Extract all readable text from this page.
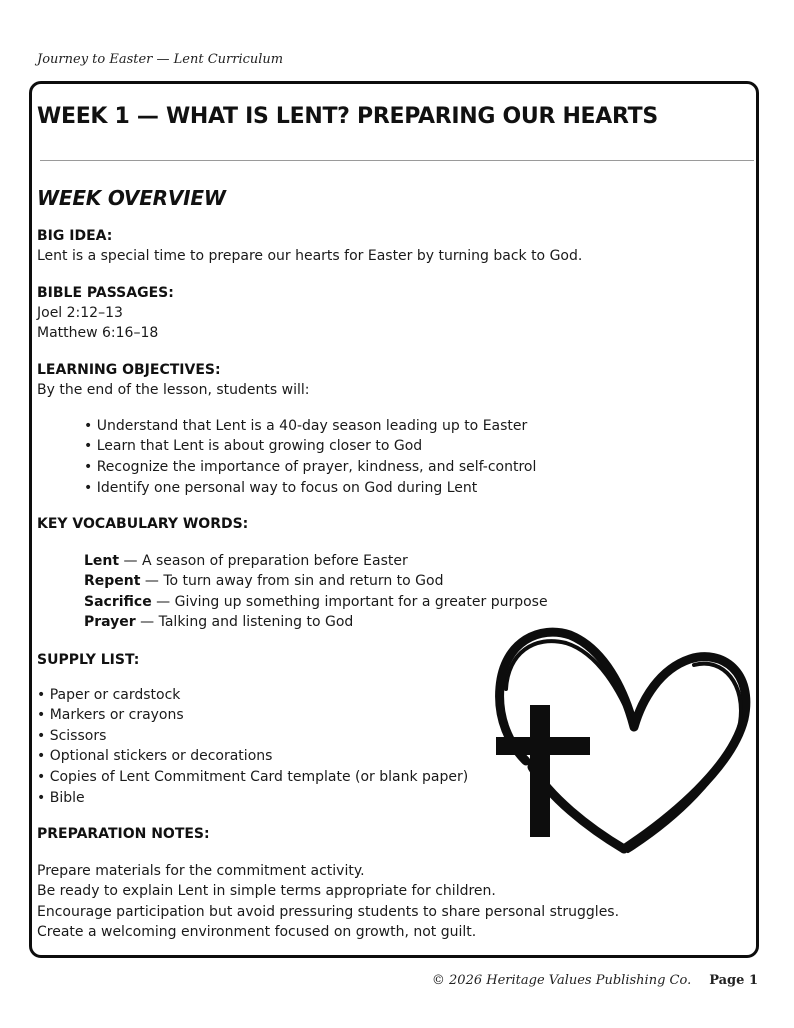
Journey to Easter — Lent Curriculum
WEEK 1 — WHAT IS LENT? PREPARING OUR HEARTS
WEEK OVERVIEW
BIG IDEA:
Lent is a special time to prepare our hearts for Easter by turning back to God.
BIBLE PASSAGES:
Joel 2:12–13
Matthew 6:16–18
LEARNING OBJECTIVES:
By the end of the lesson, students will:
• Understand that Lent is a 40-day season leading up to Easter
• Learn that Lent is about growing closer to God
• Recognize the importance of prayer, kindness, and self-control
• Identify one personal way to focus on God during Lent
KEY VOCABULARY WORDS:
Lent — A season of preparation before Easter
Repent — To turn away from sin and return to God
Sacrifice — Giving up something important for a greater purpose
Prayer — Talking and listening to God
SUPPLY LIST:
• Paper or cardstock
• Markers or crayons
• Scissors
• Optional stickers or decorations
• Copies of Lent Commitment Card template (or blank paper)
• Bible
PREPARATION NOTES:
Prepare materials for the commitment activity.
Be ready to explain Lent in simple terms appropriate for children.
Encourage participation but avoid pressuring students to share personal struggles.
Create a welcoming environment focused on growth, not guilt.
© 2026 Heritage Values Publishing Co. Page 1
